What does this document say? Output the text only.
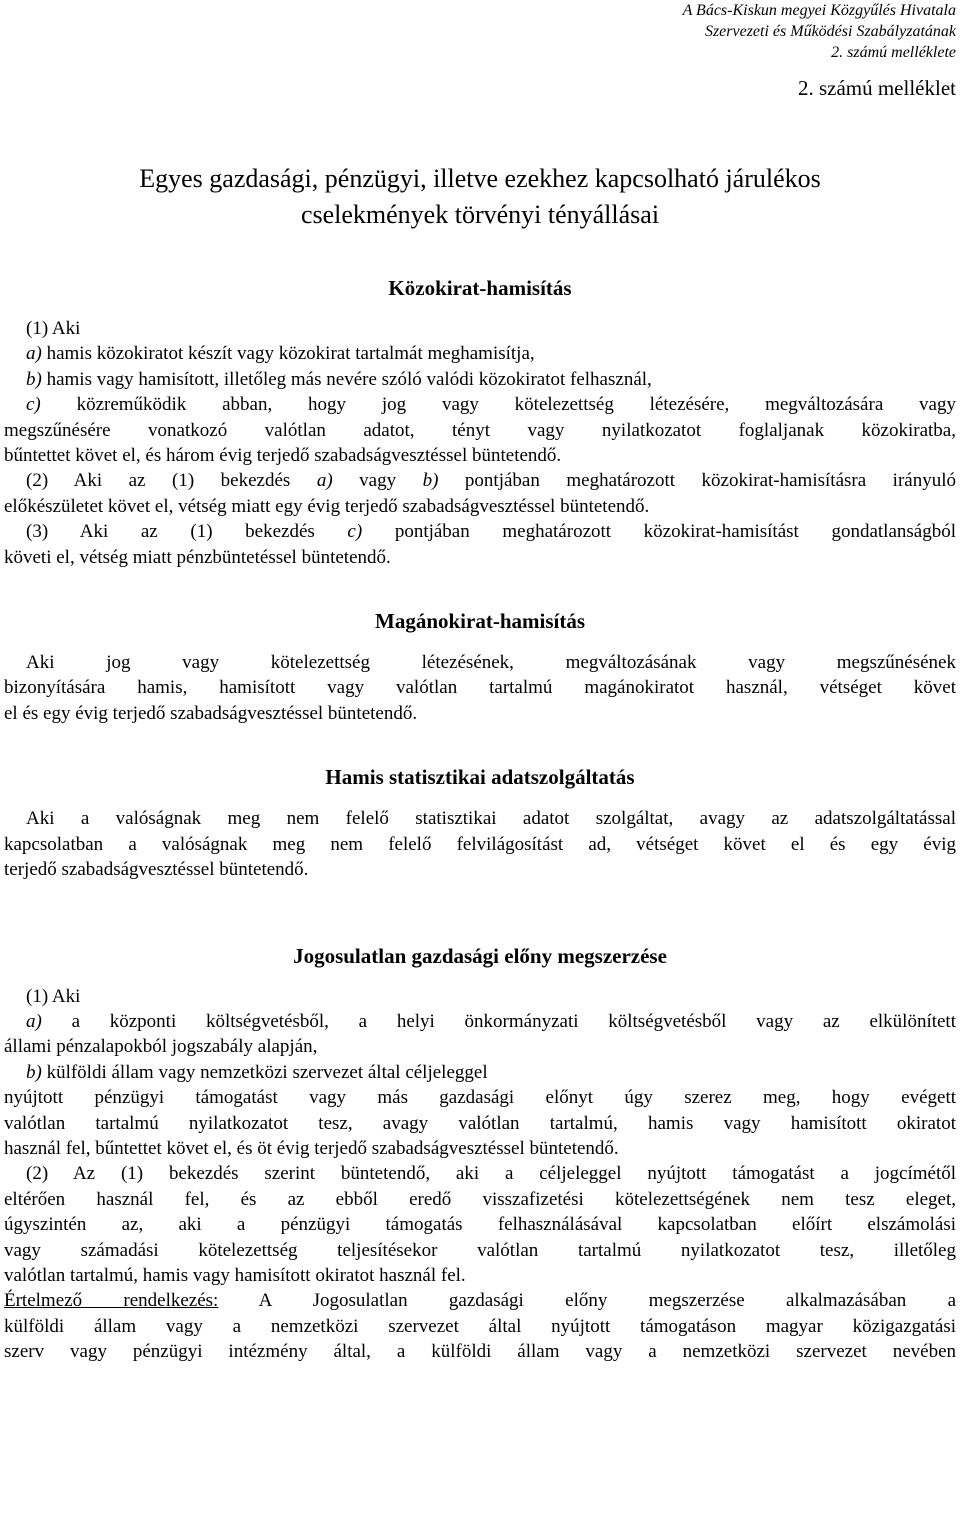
A Bács-Kiskun megyei Közgyűlés Hivatala
Szervezeti és Működési Szabályzatának
2. számú melléklete
2. számú melléklet
Egyes gazdasági, pénzügyi, illetve ezekhez kapcsolható járulékos
cselekmények törvényi tényállásai
Közokirat-hamisítás
(1) Aki
a) hamis közokiratot készít vagy közokirat tartalmát meghamisítja,
b) hamis vagy hamisított, illetőleg más nevére szóló valódi közokiratot felhasznál,
c) közreműködik abban, hogy jog vagy kötelezettség létezésére, megváltozására vagy
megszűnésére vonatkozó valótlan adatot, tényt vagy nyilatkozatot foglaljanak közokiratba,
bűntettet követ el, és három évig terjedő szabadságvesztéssel büntetendő.
(2) Aki az (1) bekezdés a) vagy b) pontjában meghatározott közokirat-hamisításra irányuló
előkészületet követ el, vétség miatt egy évig terjedő szabadságvesztéssel büntetendő.
(3) Aki az (1) bekezdés c) pontjában meghatározott közokirat-hamisítást gondatlanságból
követi el, vétség miatt pénzbüntetéssel büntetendő.
Magánokirat-hamisítás
Aki jog vagy kötelezettség létezésének, megváltozásának vagy megszűnésének
bizonyítására hamis, hamisított vagy valótlan tartalmú magánokiratot használ, vétséget követ
el és egy évig terjedő szabadságvesztéssel büntetendő.
Hamis statisztikai adatszolgáltatás
Aki a valóságnak meg nem felelő statisztikai adatot szolgáltat, avagy az adatszolgáltatással
kapcsolatban a valóságnak meg nem felelő felvilágosítást ad, vétséget követ el és egy évig
terjedő szabadságvesztéssel büntetendő.
Jogosulatlan gazdasági előny megszerzése
(1) Aki
a) a központi költségvetésből, a helyi önkormányzati költségvetésből vagy az elkülönített
állami pénzalapokból jogszabály alapján,
b) külföldi állam vagy nemzetközi szervezet által céljeleggel
nyújtott pénzügyi támogatást vagy más gazdasági előnyt úgy szerez meg, hogy evégett
valótlan tartalmú nyilatkozatot tesz, avagy valótlan tartalmú, hamis vagy hamisított okiratot
használ fel, bűntettet követ el, és öt évig terjedő szabadságvesztéssel büntetendő.
(2) Az (1) bekezdés szerint büntetendő, aki a céljeleggel nyújtott támogatást a jogcímétől
eltérően használ fel, és az ebből eredő visszafizetési kötelezettségének nem tesz eleget,
úgyszintén az, aki a pénzügyi támogatás felhasználásával kapcsolatban előírt elszámolási
vagy számadási kötelezettség teljesítésekor valótlan tartalmú nyilatkozatot tesz, illetőleg
valótlan tartalmú, hamis vagy hamisított okiratot használ fel.
Értelmező rendelkezés: A Jogosulatlan gazdasági előny megszerzése alkalmazásában a
külföldi állam vagy a nemzetközi szervezet által nyújtott támogatáson magyar közigazgatási
szerv vagy pénzügyi intézmény által, a külföldi állam vagy a nemzetközi szervezet nevében
